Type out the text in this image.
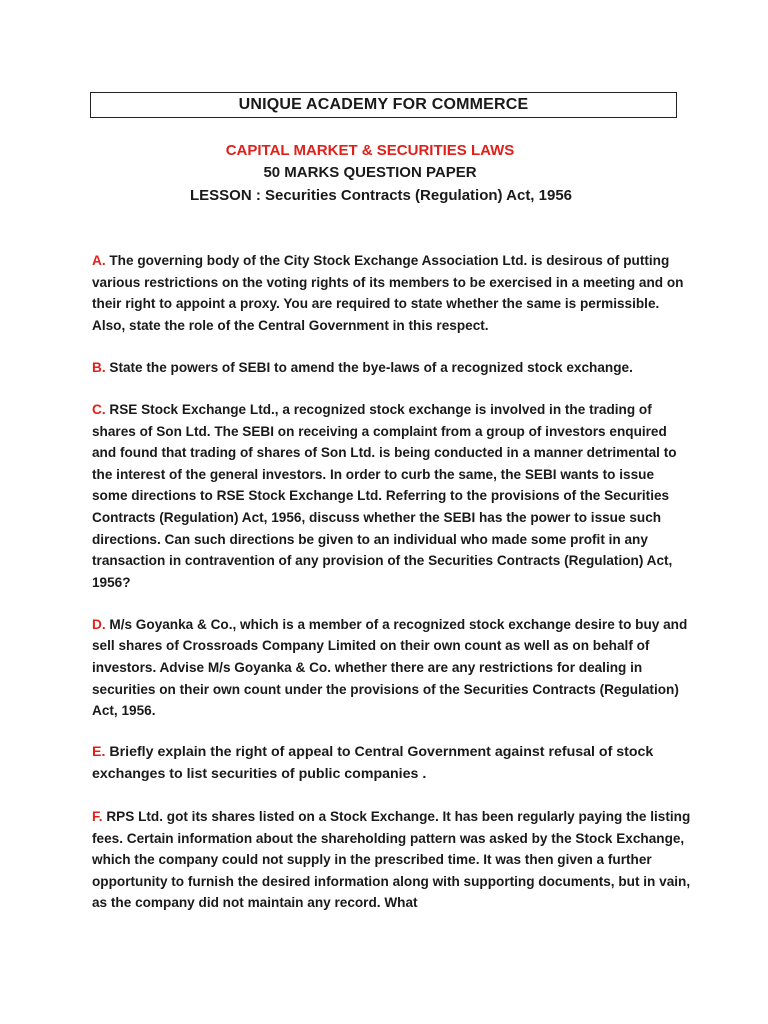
UNIQUE ACADEMY FOR COMMERCE
CAPITAL MARKET & SECURITIES LAWS
50 MARKS QUESTION PAPER
LESSON : Securities Contracts (Regulation) Act, 1956

A. The governing body of the City Stock Exchange Association Ltd. is desirous of putting various restrictions on the voting rights of its members to be exercised in a meeting and on their right to appoint a proxy. You are required to state whether the same is permissible. Also, state the role of the Central Government in this respect.

B. State the powers of SEBI to amend the bye-laws of a recognized stock exchange.

C. RSE Stock Exchange Ltd., a recognized stock exchange is involved in the trading of shares of Son Ltd. The SEBI on receiving a complaint from a group of investors enquired and found that trading of shares of Son Ltd. is being conducted in a manner detrimental to the interest of the general investors. In order to curb the same, the SEBI wants to issue some directions to RSE Stock Exchange Ltd. Referring to the provisions of the Securities Contracts (Regulation) Act, 1956, discuss whether the SEBI has the power to issue such directions. Can such directions be given to an individual who made some profit in any transaction in contravention of any provision of the Securities Contracts (Regulation) Act, 1956?

D. M/s Goyanka & Co., which is a member of a recognized stock exchange desire to buy and sell shares of Crossroads Company Limited on their own count as well as on behalf of investors. Advise M/s Goyanka & Co. whether there are any restrictions for dealing in securities on their own count under the provisions of the Securities Contracts (Regulation) Act, 1956.

E. Briefly explain the right of appeal to Central Government against refusal of stock exchanges to list securities of public companies .

F. RPS Ltd. got its shares listed on a Stock Exchange. It has been regularly paying the listing fees. Certain information about the shareholding pattern was asked by the Stock Exchange, which the company could not supply in the prescribed time. It was then given a further opportunity to furnish the desired information along with supporting documents, but in vain, as the company did not maintain any record. What
